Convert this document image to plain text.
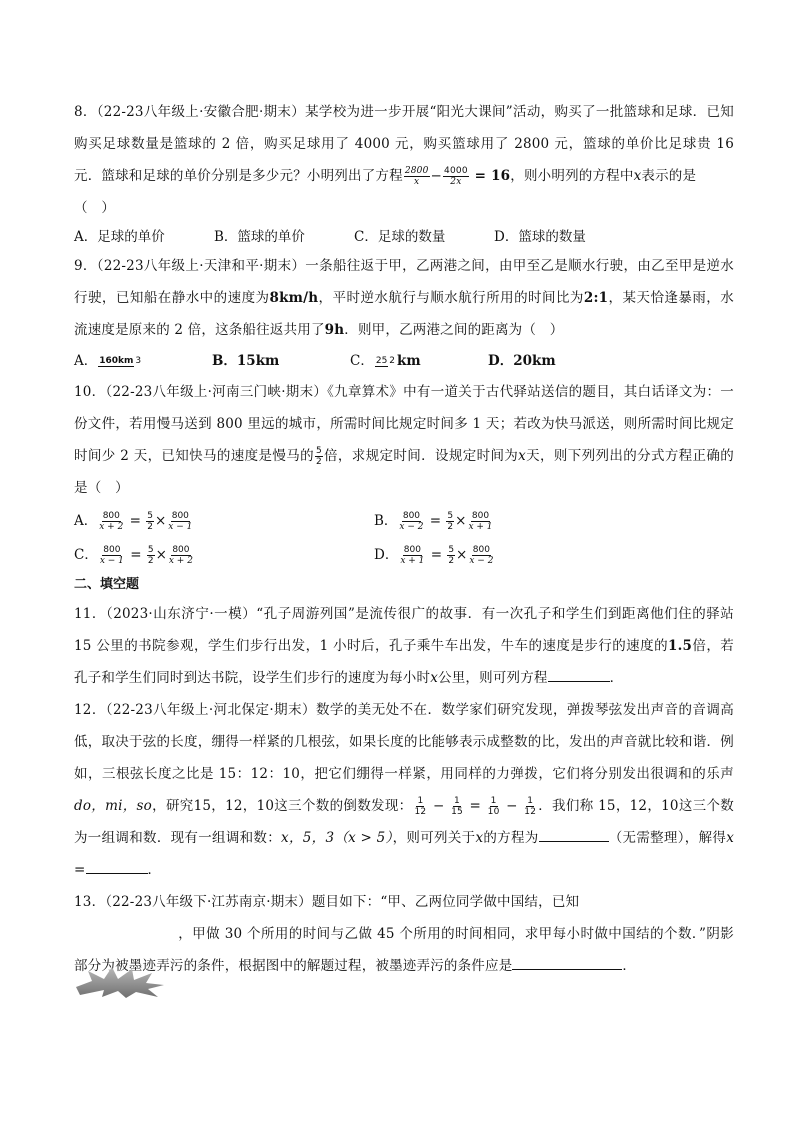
8．（22-23八年级上·安徽合肥·期末）某学校为进一步开展“阳光大课间”活动，购买了一批篮球和足球．已知购买足球数量是篮球的 2 倍，购买足球用了 4000 元，购买篮球用了 2800 元，篮球的单价比足球贵 16 元．篮球和足球的单价分别是多少元？小明列出了方程 $\frac{2800}{x} - \frac{4000}{2x} = 16$，则小明列的方程中x表示的是

（　）

A．足球的单价	B．篮球的单价	C．足球的数量	D．篮球的数量

9．（22-23八年级上·天津和平·期末）一条船往返于甲，乙两港之间，由甲至乙是顺水行驶，由乙至甲是逆水行驶，已知船在静水中的速度为8km/h，平时逆水航行与顺水航行所用的时间比为2:1，某天恰逢暴雨，水流速度是原来的 2 倍，这条船往返共用了9h．则甲，乙两港之间的距离为（　）

A． 160km 3	B．15km	C． 25 2 km	D．20km

10．（22-23八年级上·河南三门峡·期末）《九章算术》中有一道关于古代驿站送信的题目，其白话译文为：一份文件，若用慢马送到 800 里远的城市，所需时间比规定时间多 1 天；若改为快马派送，则所需时间比规定时间少 2 天，已知快马的速度是慢马的 $\frac{5}{2}$ 倍，求规定时间．设规定时间为x天，则下列列出的分式方程正确的是（　）

A． $\frac{800}{x + 2} = \frac{5}{2} \times \frac{800}{x - 1}$	B． $\frac{800}{x - 2} = \frac{5}{2} \times \frac{800}{x + 1}$
C． $\frac{800}{x - 1} = \frac{5}{2} \times \frac{800}{x + 2}$	D． $\frac{800}{x + 1} = \frac{5}{2} \times \frac{800}{x - 2}$
二、填空题

11．（2023·山东济宁·一模）“孔子周游列国”是流传很广的故事．有一次孔子和学生们到距离他们住的驿站 15 公里的书院参观，学生们步行出发，1 小时后，孔子乘牛车出发，牛车的速度是步行的速度的1.5倍，若孔子和学生们同时到达书院，设学生们步行的速度为每小时x公里，则可列方程	．

12．（22-23八年级上·河北保定·期末）数学的美无处不在．数学家们研究发现，弹拨琴弦发出声音的音调高低，取决于弦的长度，绷得一样紧的几根弦，如果长度的比能够表示成整数的比，发出的声音就比较和谐．例如，三根弦长度之比是 15：12：10，把它们绷得一样紧，用同样的力弹拨，它们将分别发出很调和的乐声 do，mi，so，研究15，12，10这三个数的倒数发现： $\frac{1}{12} - \frac{1}{15} = \frac{1}{10} - \frac{1}{12}$ ．我们称 15，12，10这三个数为一组调和数．现有一组调和数：x，5，3（x > 5），则可列关于x的方程为	（无需整理），解得x =	．

13．（22-23八年级下·江苏南京·期末）题目如下：“甲、乙两位同学做中国结，已知
，甲做 30 个所用的时间与乙做 45 个所用的时间相同，求甲每小时做中国结的个数．”阴影部分为被墨迹弄污的条件，根据图中的解题过程，被墨迹弄污的条件应是	．
